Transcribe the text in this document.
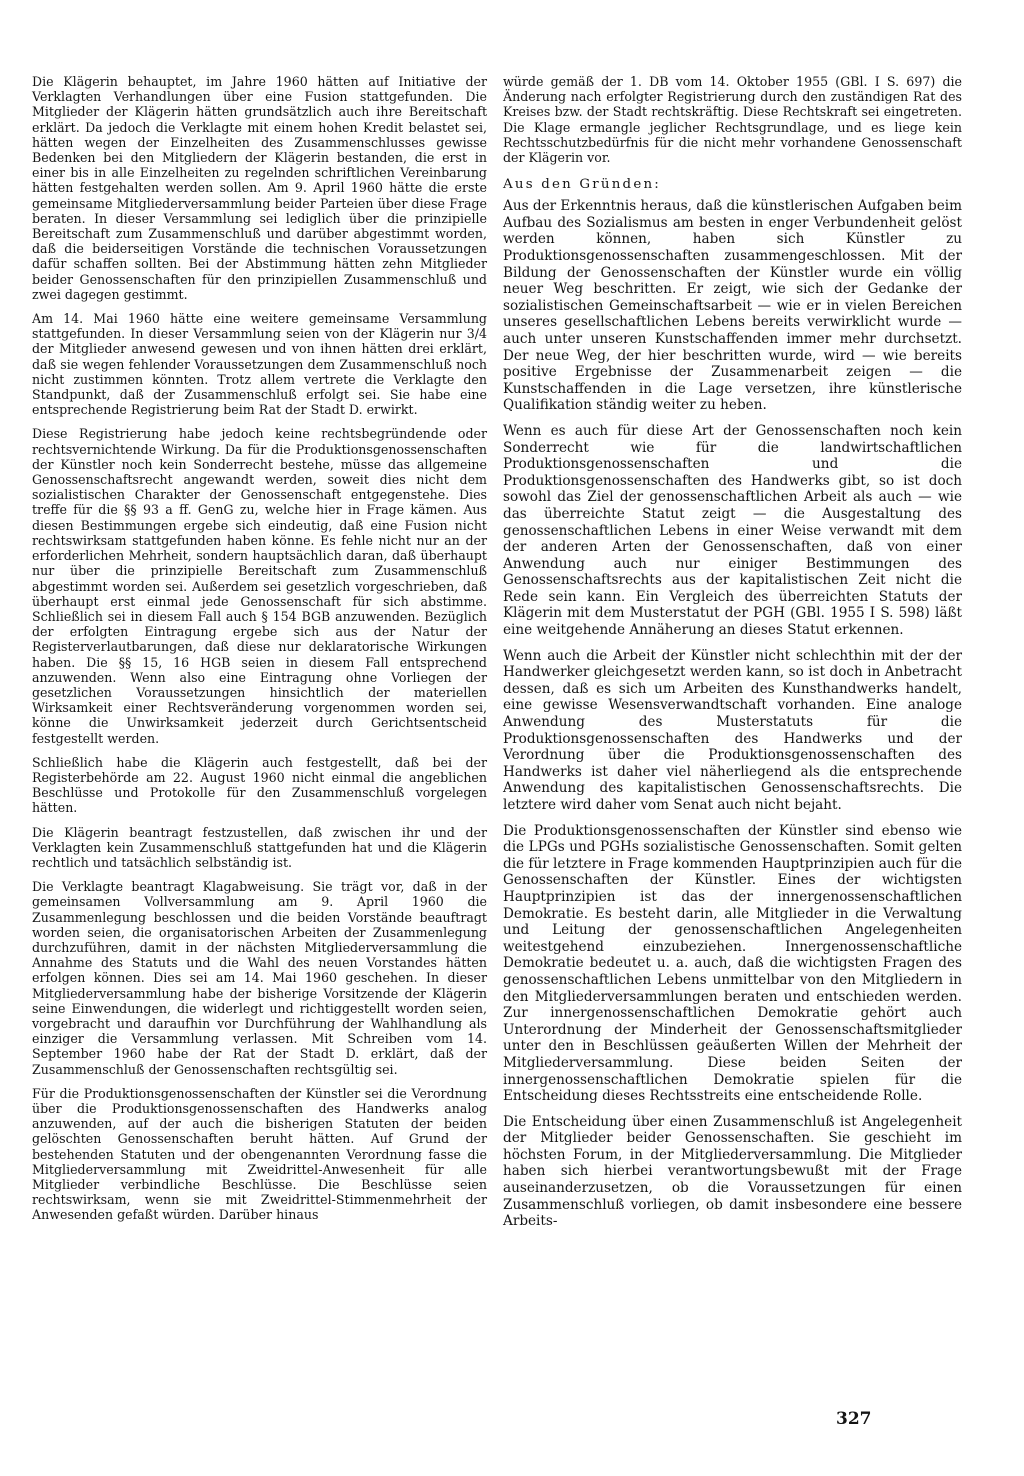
Die Klägerin behauptet, im Jahre 1960 hätten auf Initiative der Verklagten Verhandlungen über eine Fusion stattgefunden. Die Mitglieder der Klägerin hätten grundsätzlich auch ihre Bereitschaft erklärt. Da jedoch die Verklagte mit einem hohen Kredit belastet sei, hätten wegen der Einzelheiten des Zusammenschlusses gewisse Bedenken bei den Mitgliedern der Klägerin bestanden, die erst in einer bis in alle Einzelheiten zu regelnden schriftlichen Vereinbarung hätten festgehalten werden sollen. Am 9. April 1960 hätte die erste gemeinsame Mitgliederversammlung beider Parteien über diese Frage beraten. In dieser Versammlung sei lediglich über die prinzipielle Bereitschaft zum Zusammenschluß und darüber abgestimmt worden, daß die beiderseitigen Vorstände die technischen Voraussetzungen dafür schaffen sollten. Bei der Abstimmung hätten zehn Mitglieder beider Genossenschaften für den prinzipiellen Zusammenschluß und zwei dagegen gestimmt.

Am 14. Mai 1960 hätte eine weitere gemeinsame Versammlung stattgefunden. In dieser Versammlung seien von der Klägerin nur 3/4 der Mitglieder anwesend gewesen und von ihnen hätten drei erklärt, daß sie wegen fehlender Voraussetzungen dem Zusammenschluß noch nicht zustimmen könnten. Trotz allem vertrete die Verklagte den Standpunkt, daß der Zusammenschluß erfolgt sei. Sie habe eine entsprechende Registrierung beim Rat der Stadt D. erwirkt.

Diese Registrierung habe jedoch keine rechtsbegründende oder rechtsvernichtende Wirkung. Da für die Produktionsgenossenschaften der Künstler noch kein Sonderrecht bestehe, müsse das allgemeine Genossenschaftsrecht angewandt werden, soweit dies nicht dem sozialistischen Charakter der Genossenschaft entgegenstehe. Dies treffe für die §§ 93 a ff. GenG zu, welche hier in Frage kämen. Aus diesen Bestimmungen ergebe sich eindeutig, daß eine Fusion nicht rechtswirksam stattgefunden haben könne. Es fehle nicht nur an der erforderlichen Mehrheit, sondern hauptsächlich daran, daß überhaupt nur über die prinzipielle Bereitschaft zum Zusammenschluß abgestimmt worden sei. Außerdem sei gesetzlich vorgeschrieben, daß überhaupt erst einmal jede Genossenschaft für sich abstimme. Schließlich sei in diesem Fall auch § 154 BGB anzuwenden. Bezüglich der erfolgten Eintragung ergebe sich aus der Natur der Registerverlautbarungen, daß diese nur deklaratorische Wirkungen haben. Die §§ 15, 16 HGB seien in diesem Fall entsprechend anzuwenden. Wenn also eine Eintragung ohne Vorliegen der gesetzlichen Voraussetzungen hinsichtlich der materiellen Wirksamkeit einer Rechtsveränderung vorgenommen worden sei, könne die Unwirksamkeit jederzeit durch Gerichtsentscheid festgestellt werden.

Schließlich habe die Klägerin auch festgestellt, daß bei der Registerbehörde am 22. August 1960 nicht einmal die angeblichen Beschlüsse und Protokolle für den Zusammenschluß vorgelegen hätten.

Die Klägerin beantragt festzustellen, daß zwischen ihr und der Verklagten kein Zusammenschluß stattgefunden hat und die Klägerin rechtlich und tatsächlich selbständig ist.

Die Verklagte beantragt Klagabweisung. Sie trägt vor, daß in der gemeinsamen Vollversammlung am 9. April 1960 die Zusammenlegung beschlossen und die beiden Vorstände beauftragt worden seien, die organisatorischen Arbeiten der Zusammenlegung durchzuführen, damit in der nächsten Mitgliederversammlung die Annahme des Statuts und die Wahl des neuen Vorstandes hätten erfolgen können. Dies sei am 14. Mai 1960 geschehen. In dieser Mitgliederversammlung habe der bisherige Vorsitzende der Klägerin seine Einwendungen, die widerlegt und richtiggestellt worden seien, vorgebracht und daraufhin vor Durchführung der Wahlhandlung als einziger die Versammlung verlassen. Mit Schreiben vom 14. September 1960 habe der Rat der Stadt D. erklärt, daß der Zusammenschluß der Genossenschaften rechtsgültig sei.

Für die Produktionsgenossenschaften der Künstler sei die Verordnung über die Produktionsgenossenschaften des Handwerks analog anzuwenden, auf der auch die bisherigen Statuten der beiden gelöschten Genossenschaften beruht hätten. Auf Grund der bestehenden Statuten und der obengenannten Verordnung fasse die Mitgliederversammlung mit Zweidrittel-Anwesenheit für alle Mitglieder verbindliche Beschlüsse. Die Beschlüsse seien rechtswirksam, wenn sie mit Zweidrittel-Stimmenmehrheit der Anwesenden gefaßt würden. Darüber hinaus

würde gemäß der 1. DB vom 14. Oktober 1955 (GBl. I S. 697) die Änderung nach erfolgter Registrierung durch den zuständigen Rat des Kreises bzw. der Stadt rechtskräftig. Diese Rechtskraft sei eingetreten. Die Klage ermangle jeglicher Rechtsgrundlage, und es liege kein Rechtsschutzbedürfnis für die nicht mehr vorhandene Genossenschaft der Klägerin vor.

Aus den Gründen:

Aus der Erkenntnis heraus, daß die künstlerischen Aufgaben beim Aufbau des Sozialismus am besten in enger Verbundenheit gelöst werden können, haben sich Künstler zu Produktionsgenossenschaften zusammengeschlossen. Mit der Bildung der Genossenschaften der Künstler wurde ein völlig neuer Weg beschritten. Er zeigt, wie sich der Gedanke der sozialistischen Gemeinschaftsarbeit — wie er in vielen Bereichen unseres gesellschaftlichen Lebens bereits verwirklicht wurde — auch unter unseren Kunstschaffenden immer mehr durchsetzt. Der neue Weg, der hier beschritten wurde, wird — wie bereits positive Ergebnisse der Zusammenarbeit zeigen — die Kunstschaffenden in die Lage versetzen, ihre künstlerische Qualifikation ständig weiter zu heben.

Wenn es auch für diese Art der Genossenschaften noch kein Sonderrecht wie für die landwirtschaftlichen Produktionsgenossenschaften und die Produktionsgenossenschaften des Handwerks gibt, so ist doch sowohl das Ziel der genossenschaftlichen Arbeit als auch — wie das überreichte Statut zeigt — die Ausgestaltung des genossenschaftlichen Lebens in einer Weise verwandt mit dem der anderen Arten der Genossenschaften, daß von einer Anwendung auch nur einiger Bestimmungen des Genossenschaftsrechts aus der kapitalistischen Zeit nicht die Rede sein kann. Ein Vergleich des überreichten Statuts der Klägerin mit dem Musterstatut der PGH (GBl. 1955 I S. 598) läßt eine weitgehende Annäherung an dieses Statut erkennen.

Wenn auch die Arbeit der Künstler nicht schlechthin mit der der Handwerker gleichgesetzt werden kann, so ist doch in Anbetracht dessen, daß es sich um Arbeiten des Kunsthandwerks handelt, eine gewisse Wesensverwandtschaft vorhanden. Eine analoge Anwendung des Musterstatuts für die Produktionsgenossenschaften des Handwerks und der Verordnung über die Produktionsgenossenschaften des Handwerks ist daher viel näherliegend als die entsprechende Anwendung des kapitalistischen Genossenschaftsrechts. Die letztere wird daher vom Senat auch nicht bejaht.

Die Produktionsgenossenschaften der Künstler sind ebenso wie die LPGs und PGHs sozialistische Genossenschaften. Somit gelten die für letztere in Frage kommenden Hauptprinzipien auch für die Genossenschaften der Künstler. Eines der wichtigsten Hauptprinzipien ist das der innergenossenschaftlichen Demokratie. Es besteht darin, alle Mitglieder in die Verwaltung und Leitung der genossenschaftlichen Angelegenheiten weitestgehend einzubeziehen. Innergenossenschaftliche Demokratie bedeutet u. a. auch, daß die wichtigsten Fragen des genossenschaftlichen Lebens unmittelbar von den Mitgliedern in den Mitgliederversammlungen beraten und entschieden werden. Zur innergenossenschaftlichen Demokratie gehört auch Unterordnung der Minderheit der Genossenschaftsmitglieder unter den in Beschlüssen geäußerten Willen der Mehrheit der Mitgliederversammlung. Diese beiden Seiten der innergenossenschaftlichen Demokratie spielen für die Entscheidung dieses Rechtsstreits eine entscheidende Rolle.

Die Entscheidung über einen Zusammenschluß ist Angelegenheit der Mitglieder beider Genossenschaften. Sie geschieht im höchsten Forum, in der Mitgliederversammlung. Die Mitglieder haben sich hierbei verantwortungsbewußt mit der Frage auseinanderzusetzen, ob die Voraussetzungen für einen Zusammenschluß vorliegen, ob damit insbesondere eine bessere Arbeits-

327
